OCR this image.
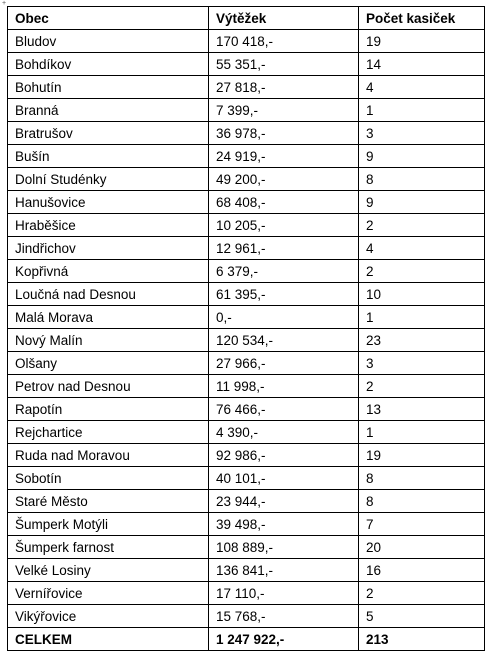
+
Obec	Výtěžek	Počet kasiček
Bludov	170 418,-	19
Bohdíkov	55 351,-	14
Bohutín	27 818,-	4
Branná	7 399,-	1
Bratrušov	36 978,-	3
Bušín	24 919,-	9
Dolní Studénky	49 200,-	8
Hanušovice	68 408,-	9
Hraběšice	10 205,-	2
Jindřichov	12 961,-	4
Kopřivná	6 379,-	2
Loučná nad Desnou	61 395,-	10
Malá Morava	0,-	1
Nový Malín	120 534,-	23
Olšany	27 966,-	3
Petrov nad Desnou	11 998,-	2
Rapotín	76 466,-	13
Rejchartice	4 390,-	1
Ruda nad Moravou	92 986,-	19
Sobotín	40 101,-	8
Staré Město	23 944,-	8
Šumperk Motýli	39 498,-	7
Šumperk farnost	108 889,-	20
Velké Losiny	136 841,-	16
Vernířovice	17 110,-	2
Vikýřovice	15 768,-	5
CELKEM	1 247 922,-	213
